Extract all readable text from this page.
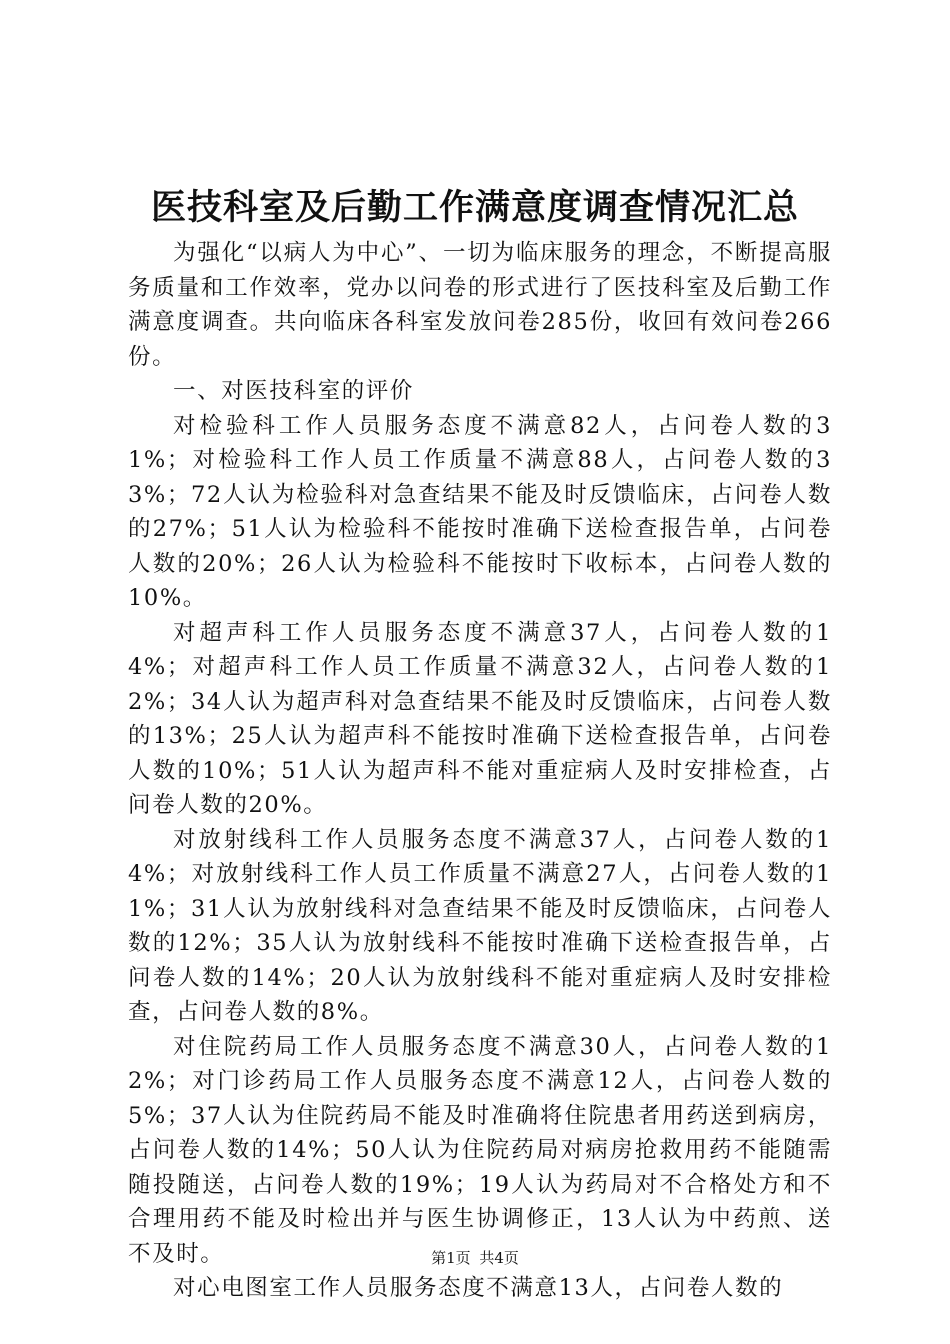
医技科室及后勤工作满意度调查情况汇总

为强化“以病人为中心”、一切为临床服务的理念，不断提高服务质量和工作效率，党办以问卷的形式进行了医技科室及后勤工作满意度调查。共向临床各科室发放问卷285份，收回有效问卷266份。

一、对医技科室的评价

对检验科工作人员服务态度不满意82人，占问卷人数的31%；对检验科工作人员工作质量不满意88人，占问卷人数的33%；72人认为检验科对急查结果不能及时反馈临床，占问卷人数的27%；51人认为检验科不能按时准确下送检查报告单，占问卷人数的20%；26人认为检验科不能按时下收标本，占问卷人数的10%。

对超声科工作人员服务态度不满意37人，占问卷人数的14%；对超声科工作人员工作质量不满意32人，占问卷人数的12%；34人认为超声科对急查结果不能及时反馈临床，占问卷人数的13%；25人认为超声科不能按时准确下送检查报告单，占问卷人数的10%；51人认为超声科不能对重症病人及时安排检查，占问卷人数的20%。

对放射线科工作人员服务态度不满意37人，占问卷人数的14%；对放射线科工作人员工作质量不满意27人，占问卷人数的11%；31人认为放射线科对急查结果不能及时反馈临床，占问卷人数的12%；35人认为放射线科不能按时准确下送检查报告单，占问卷人数的14%；20人认为放射线科不能对重症病人及时安排检查，占问卷人数的8%。

对住院药局工作人员服务态度不满意30人，占问卷人数的12%；对门诊药局工作人员服务态度不满意12人，占问卷人数的5%；37人认为住院药局不能及时准确将住院患者用药送到病房，占问卷人数的14%；50人认为住院药局对病房抢救用药不能随需随投随送，占问卷人数的19%；19人认为药局对不合格处方和不合理用药不能及时检出并与医生协调修正，13人认为中药煎、送不及时。

对心电图室工作人员服务态度不满意13人，占问卷人数的

第1页 共4页
